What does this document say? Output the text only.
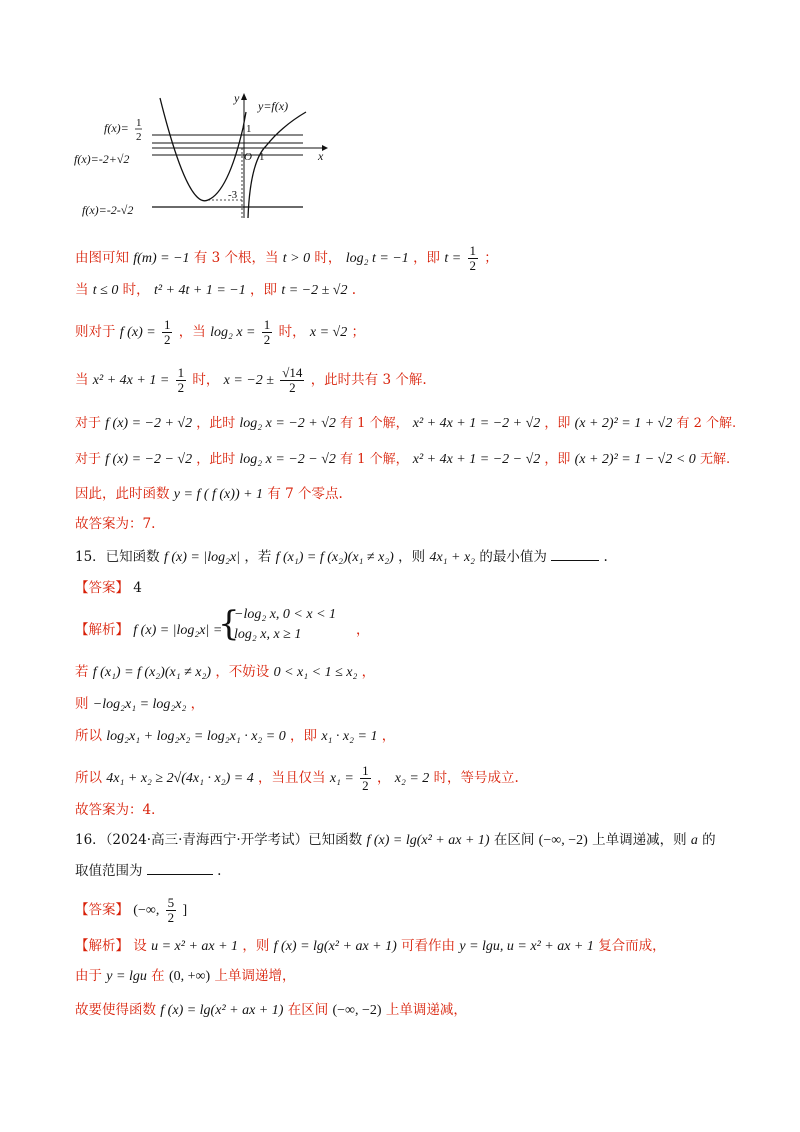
f(x)= 1
2
f(x)=-2+√2
f(x)=-2-√2
y
x
y=f(x)
1
O 1
-3
由图可知 f(m) = −1 有 3 个根，当 t > 0 时， log₂ t = −1 ，即 $t = \frac{1}{2}$ ；
当 t ≤ 0 时， t² + 4t + 1 = −1 ，即 t = −2 ± √2 .
则对于 f $(x) = \frac{1}{2}$ ，当 log₂ $x = \frac{1}{2}$ 时， x = √2 ；
当 $x^2 + 4x + 1 = \frac{1}{2}$ 时， $x = -2 \pm \frac{√14}{2}$ ，此时共有 3 个解.
对于 f (x) = −2 + √2 ，此时 log₂ x = −2 + √2 有 1 个解， x² + 4x + 1 = −2 + √2 ，即 (x + 2)² = 1 + √2 有 2 个解.
对于 f (x) = −2 − √2 ，此时 log₂ x = −2 − √2 有 1 个解， x² + 4x + 1 = −2 − √2 ，即 (x + 2)² = 1 − √2 < 0 无解.
因此，此时函数 y = f ( f (x)) + 1 有 7 个零点.
故答案为：7.
15．已知函数 f (x) = |log₂x| ，若 f (x₁) = f (x₂)(x₁ ≠ x₂) ，则 4x₁ + x₂ 的最小值为	.
【答案】 4
【解析】 f (x) = |log₂x| =
{
−log₂ x, 0 < x < 1
log₂ x, x ≥ 1	，
若 f (x₁) = f (x₂)(x₁ ≠ x₂) ，不妨设 0 < x₁ < 1 ≤ x₂ ，
则 −log₂x₁ = log₂x₂ ，
所以 log₂x₁ + log₂x₂ = log₂x₁ · x₂ = 0 ，即 x₁ · x₂ = 1 ，
所以 4x₁ + x₂ ≥ 2√(4x₁ · x₂) = 4 ，当且仅当 $x_1 = \frac{1}{2}$ ， x₂ = 2 时，等号成立.
故答案为：4．
16．（2024·高三·青海西宁·开学考试）已知函数 f (x) = lg(x² + ax + 1) 在区间 (−∞, −2) 上单调递减，则 a 的
取值范围为	.
【答案】 (−∞, $\frac{5}{2}$ ]
【解析】 设 u = x² + ax + 1 ，则 f (x) = lg(x² + ax + 1) 可看作由 y = lgu, u = x² + ax + 1 复合而成，
由于 y = lgu 在 (0, +∞) 上单调递增，
故要使得函数 f (x) = lg(x² + ax + 1) 在区间 (−∞, −2) 上单调递减，
